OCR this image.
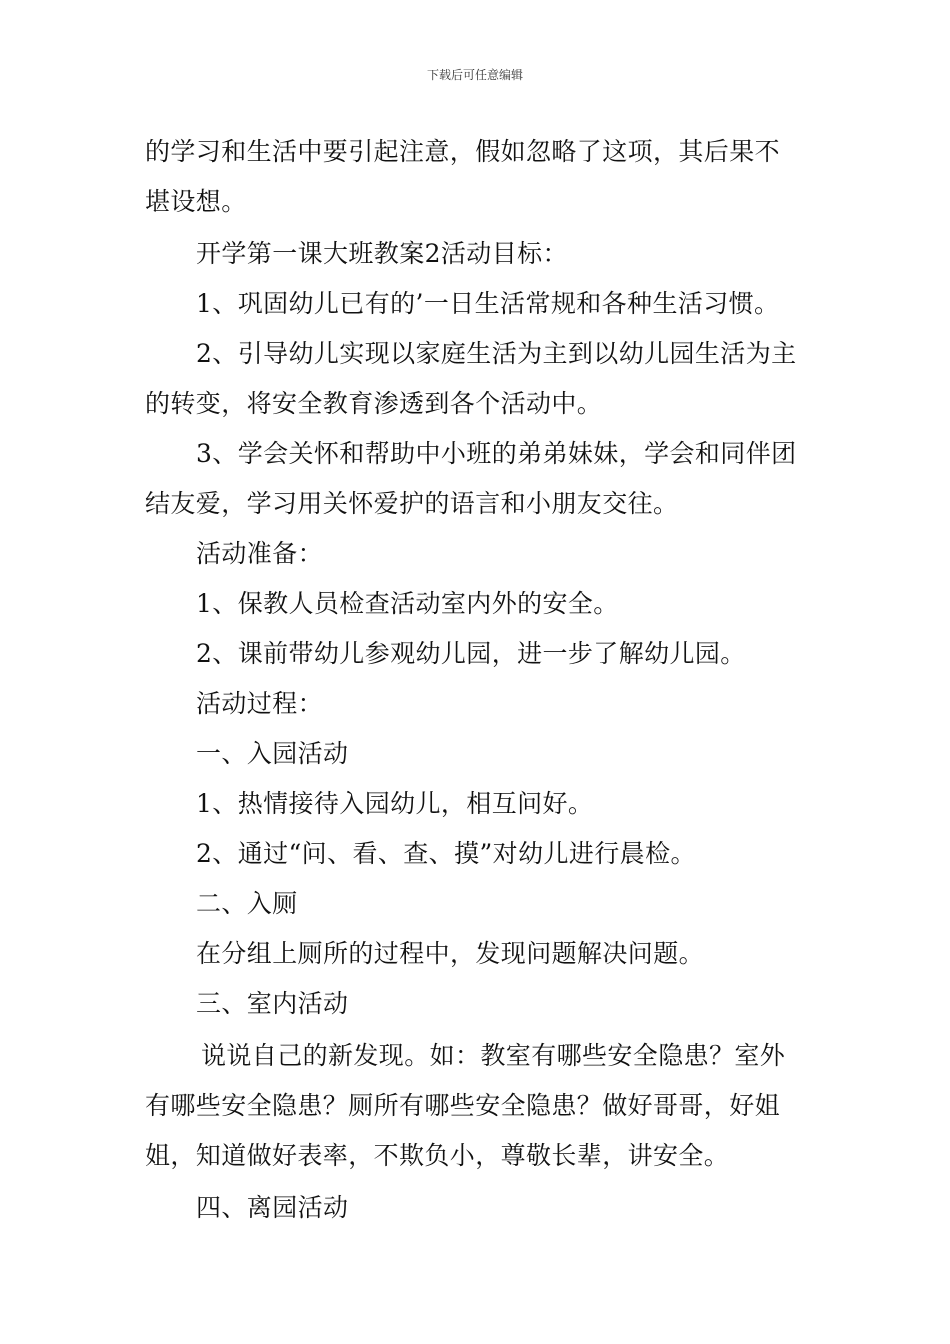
下载后可任意编辑
的学习和生活中要引起注意，假如忽略了这项，其后果不
堪设想。
开学第一课大班教案2活动目标：
1、巩固幼儿已有的’一日生活常规和各种生活习惯。
2、引导幼儿实现以家庭生活为主到以幼儿园生活为主
的转变，将安全教育渗透到各个活动中。
3、学会关怀和帮助中小班的弟弟妹妹，学会和同伴团
结友爱，学习用关怀爱护的语言和小朋友交往。
活动准备：
1、保教人员检查活动室内外的安全。
2、课前带幼儿参观幼儿园，进一步了解幼儿园。
活动过程：
一、入园活动
1、热情接待入园幼儿，相互问好。
2、通过“问、看、查、摸”对幼儿进行晨检。
二、入厕
在分组上厕所的过程中，发现问题解决问题。
三、室内活动
说说自己的新发现。如：教室有哪些安全隐患？室外
有哪些安全隐患？厕所有哪些安全隐患？做好哥哥，好姐
姐，知道做好表率，不欺负小，尊敬长辈，讲安全。
四、离园活动
